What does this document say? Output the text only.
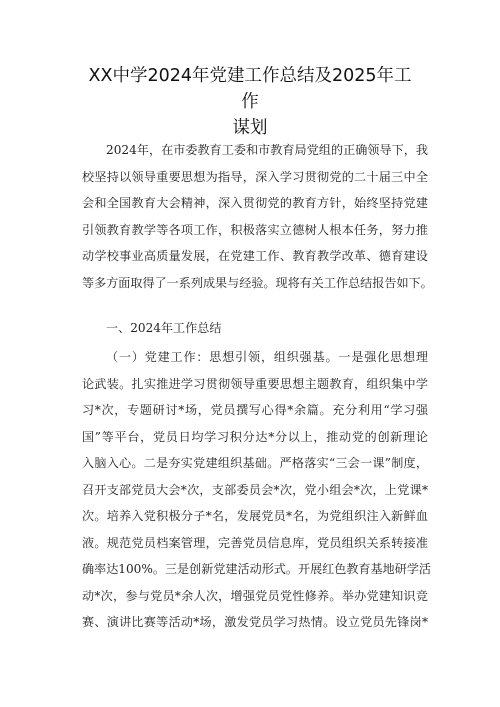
XX中学2024年党建工作总结及2025年工作
谋划
2024年，在市委教育工委和市教育局党组的正确领导下，我
校坚持以领导重要思想为指导，深入学习贯彻党的二十届三中全
会和全国教育大会精神，深入贯彻党的教育方针，始终坚持党建
引领教育教学等各项工作，积极落实立德树人根本任务，努力推
动学校事业高质量发展，在党建工作、教育教学改革、德育建设
等多方面取得了一系列成果与经验。现将有关工作总结报告如下。
一、2024年工作总结
（一）党建工作：思想引领，组织强基。一是强化思想理
论武装。扎实推进学习贯彻领导重要思想主题教育，组织集中学
习*次，专题研讨*场，党员撰写心得*余篇。充分利用“学习强
国”等平台，党员日均学习积分达*分以上，推动党的创新理论
入脑入心。二是夯实党建组织基础。严格落实“三会一课”制度，
召开支部党员大会*次，支部委员会*次，党小组会*次，上党课*
次。培养入党积极分子*名，发展党员*名，为党组织注入新鲜血
液。规范党员档案管理，完善党员信息库，党员组织关系转接准
确率达100%。三是创新党建活动形式。开展红色教育基地研学活
动*次，参与党员*余人次，增强党员党性修养。举办党建知识竞
赛、演讲比赛等活动*场，激发党员学习热情。设立党员先锋岗*
